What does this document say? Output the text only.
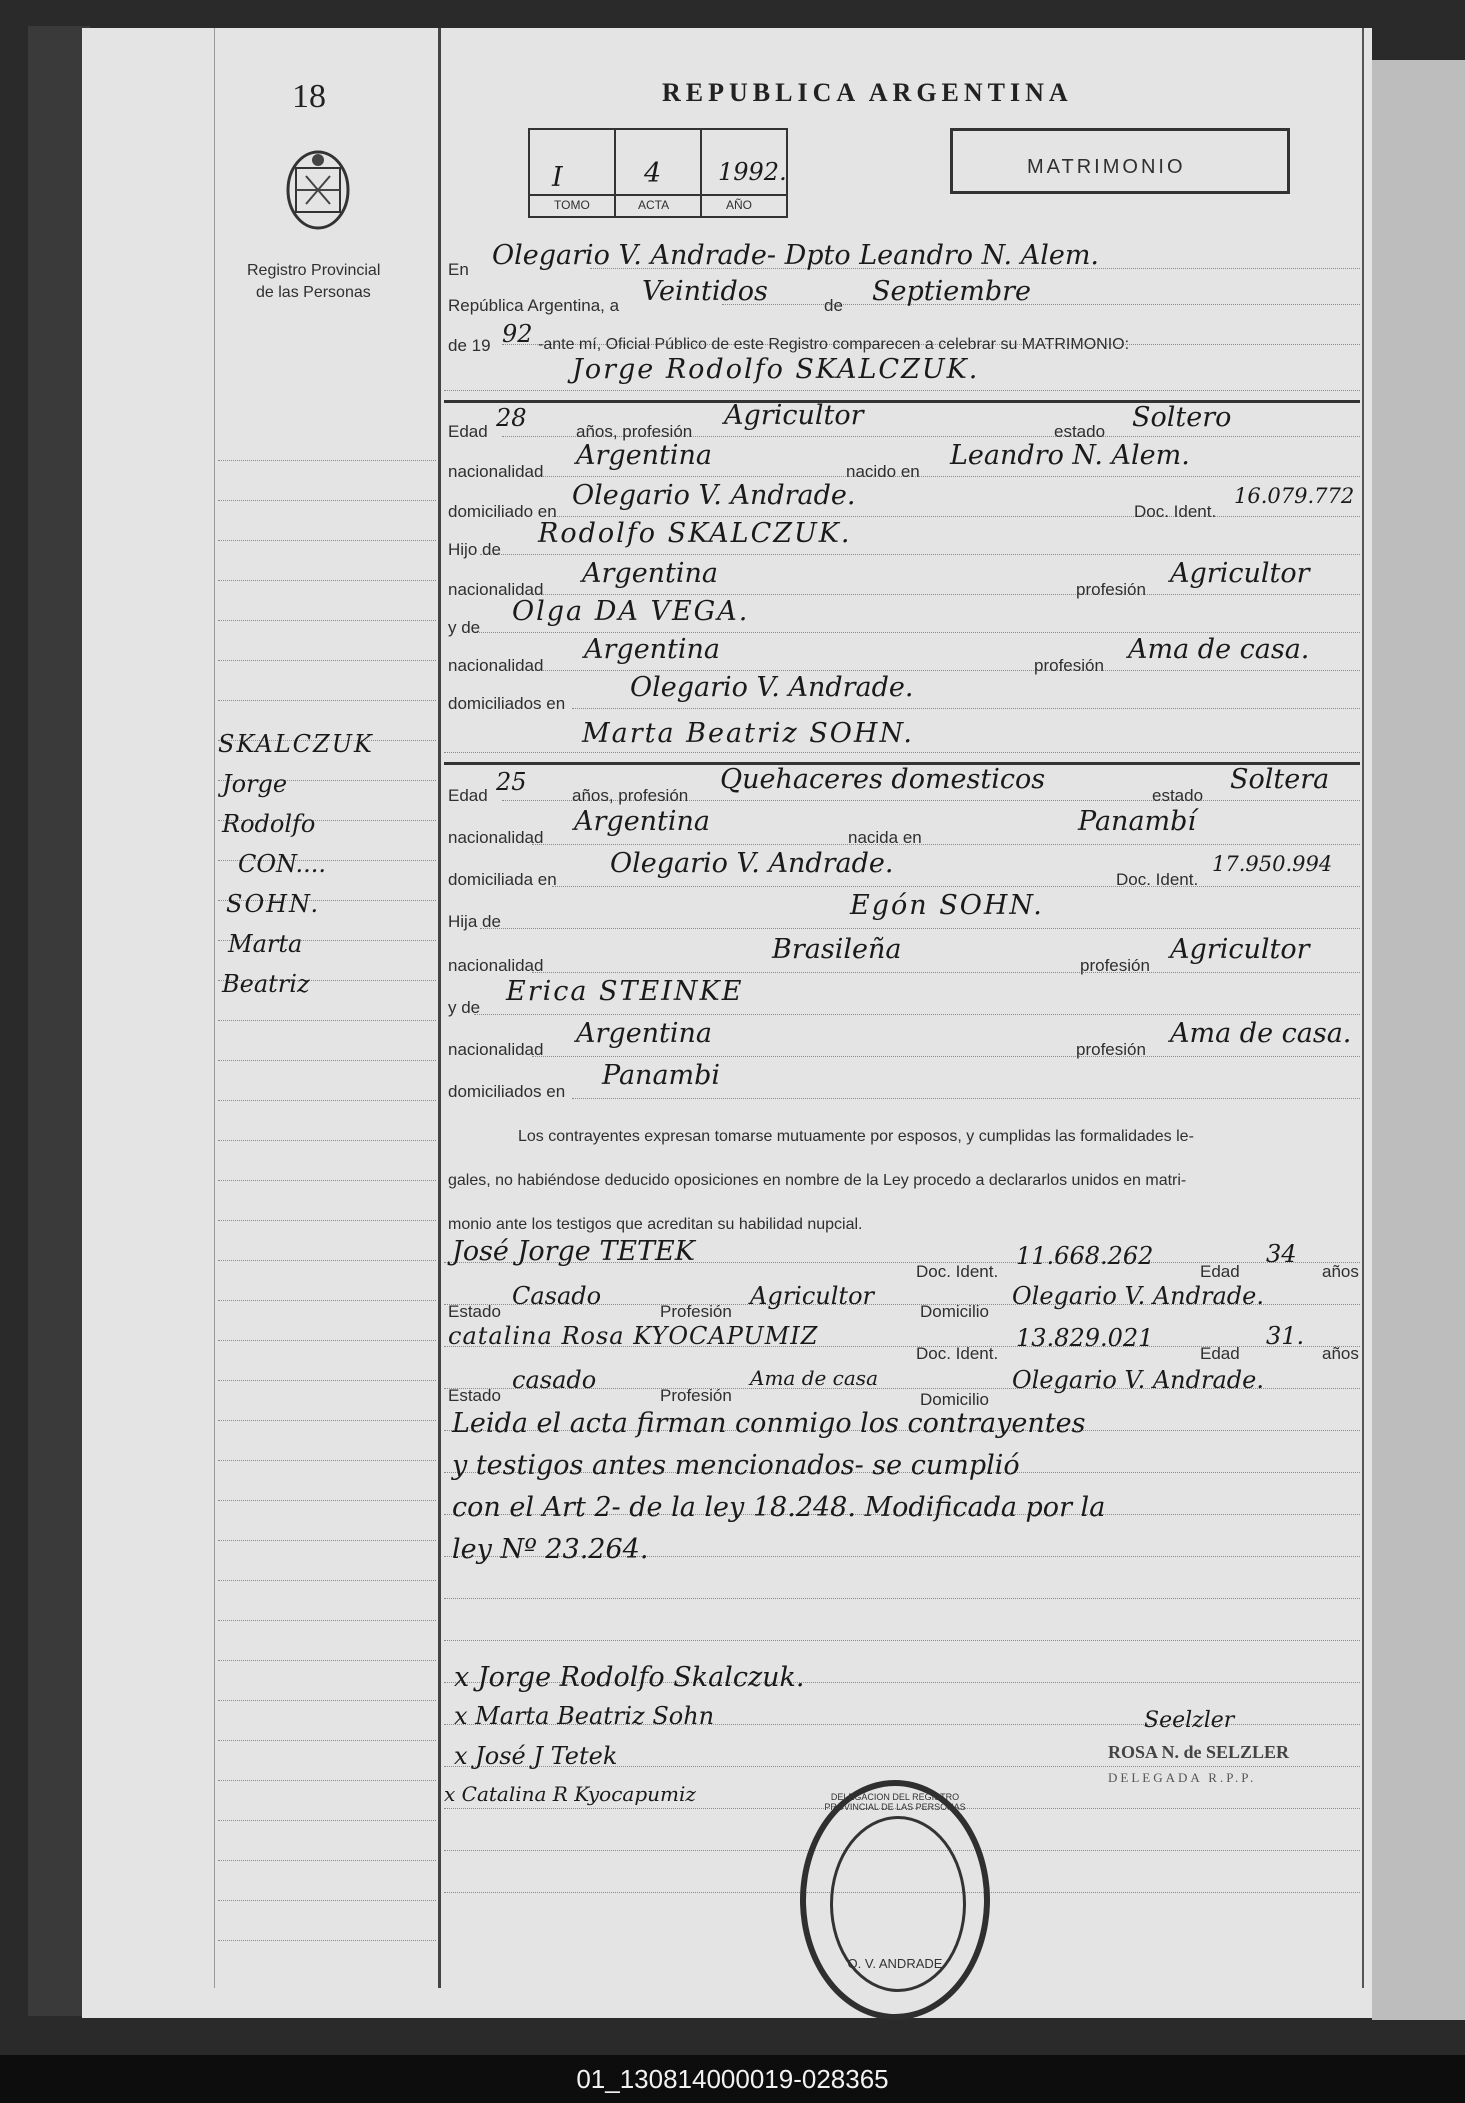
18
Registro Provincial
de las Personas
REPUBLICA ARGENTINA
I	4 1992.
TOMO	ACTA	AÑO
MATRIMONIO
SKALCZUK
Jorge
Rodolfo
CON....
SOHN.
Marta
Beatriz
En Olegario V. Andrade- Dpto Leandro N. Alem.
República Argentina, a Veintidos	de Septiembre
de 19 92 -ante mí, Oficial Público de este Registro comparecen a celebrar su MATRIMONIO:
Jorge Rodolfo SKALCZUK.
Edad 28	años, profesión
Agricultor
estado Soltero
nacionalidad
Argentina
nacido en
Leandro N. Alem.
domiciliado en
Olegario V. Andrade.
Doc. Ident.
16.079.772
Hijo de
Rodolfo SKALCZUK.
nacionalidad
Argentina
profesión
Agricultor
y de
Olga DA VEGA.
nacionalidad
Argentina
profesión
Ama de casa.
domiciliados en
Olegario V. Andrade.
Marta Beatriz SOHN.
Edad 25	años, profesión
Quehaceres domesticos
estado
Soltera
nacionalidad
Argentina
nacida en
Panambí
domiciliada en
Olegario V. Andrade.
Doc. Ident.
17.950.994
Hija de
Egón SOHN.
nacionalidad
Brasileña
profesión
Agricultor
y de
Erica STEINKE
nacionalidad
Argentina
profesión
Ama de casa.
domiciliados en
Panambi
Los contrayentes expresan tomarse mutuamente por esposos, y cumplidas las formalidades le-
gales, no habiéndose deducido oposiciones en nombre de la Ley procedo a declararlos unidos en matri-
monio ante los testigos que acreditan su habilidad nupcial.
José Jorge TETEK
Doc. Ident.
11.668.262
Edad
34
años
Estado
Casado
Profesión
Agricultor
Domicilio
Olegario V. Andrade.
catalina Rosa KYOCAPUMIZ
Doc. Ident.
13.829.021
Edad
31.
años
Estado
casado
Profesión
Ama de casa
Domicilio
Olegario V. Andrade.
Leida el acta firman conmigo los contrayentes
y testigos antes mencionados- se cumplió
con el Art 2- de la ley 18.248. Modificada por la
ley Nº 23.264.
x Jorge Rodolfo Skalczuk.
x Marta Beatriz Sohn
x José J Tetek
x Catalina R Kyocapumiz
Seelzler
ROSA N. de SELZLER
DELEGADA R.P.P.
DELEGACION DEL REGISTRO PROVINCIAL DE LAS PERSONAS
O. V. ANDRADE
01_130814000019-028365
